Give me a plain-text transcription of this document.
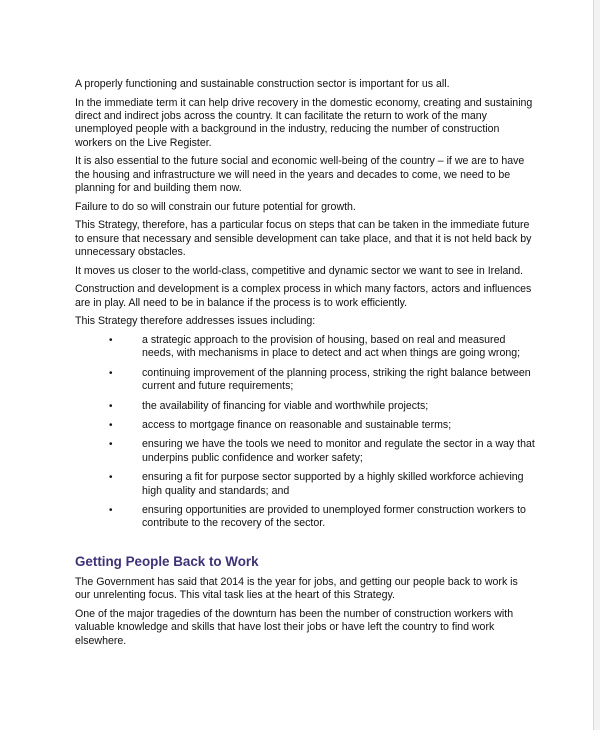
A properly functioning and sustainable construction sector is important for us all.

In the immediate term it can help drive recovery in the domestic economy, creating and sustaining direct and indirect jobs across the country. It can facilitate the return to work of the many unemployed people with a background in the industry, reducing the number of construction workers on the Live Register.

It is also essential to the future social and economic well-being of the country – if we are to have the housing and infrastructure we will need in the years and decades to come, we need to be planning for and building them now.

Failure to do so will constrain our future potential for growth.

This Strategy, therefore, has a particular focus on steps that can be taken in the immediate future to ensure that necessary and sensible development can take place, and that it is not held back by unnecessary obstacles.

It moves us closer to the world-class, competitive and dynamic sector we want to see in Ireland.

Construction and development is a complex process in which many factors, actors and influences are in play. All need to be in balance if the process is to work efficiently.

This Strategy therefore addresses issues including:

•	a strategic approach to the provision of housing, based on real and measured needs, with mechanisms in place to detect and act when things are going wrong;
•	continuing improvement of the planning process, striking the right balance between current and future requirements;
•	the availability of financing for viable and worthwhile projects;
•	access to mortgage finance on reasonable and sustainable terms;
•	ensuring we have the tools we need to monitor and regulate the sector in a way that underpins public confidence and worker safety;
•	ensuring a fit for purpose sector supported by a highly skilled workforce achieving high quality and standards; and
•	ensuring opportunities are provided to unemployed former construction workers to contribute to the recovery of the sector.
Getting People Back to Work

The Government has said that 2014 is the year for jobs, and getting our people back to work is our unrelenting focus. This vital task lies at the heart of this Strategy.

One of the major tragedies of the downturn has been the number of construction workers with valuable knowledge and skills that have lost their jobs or have left the country to find work elsewhere.
